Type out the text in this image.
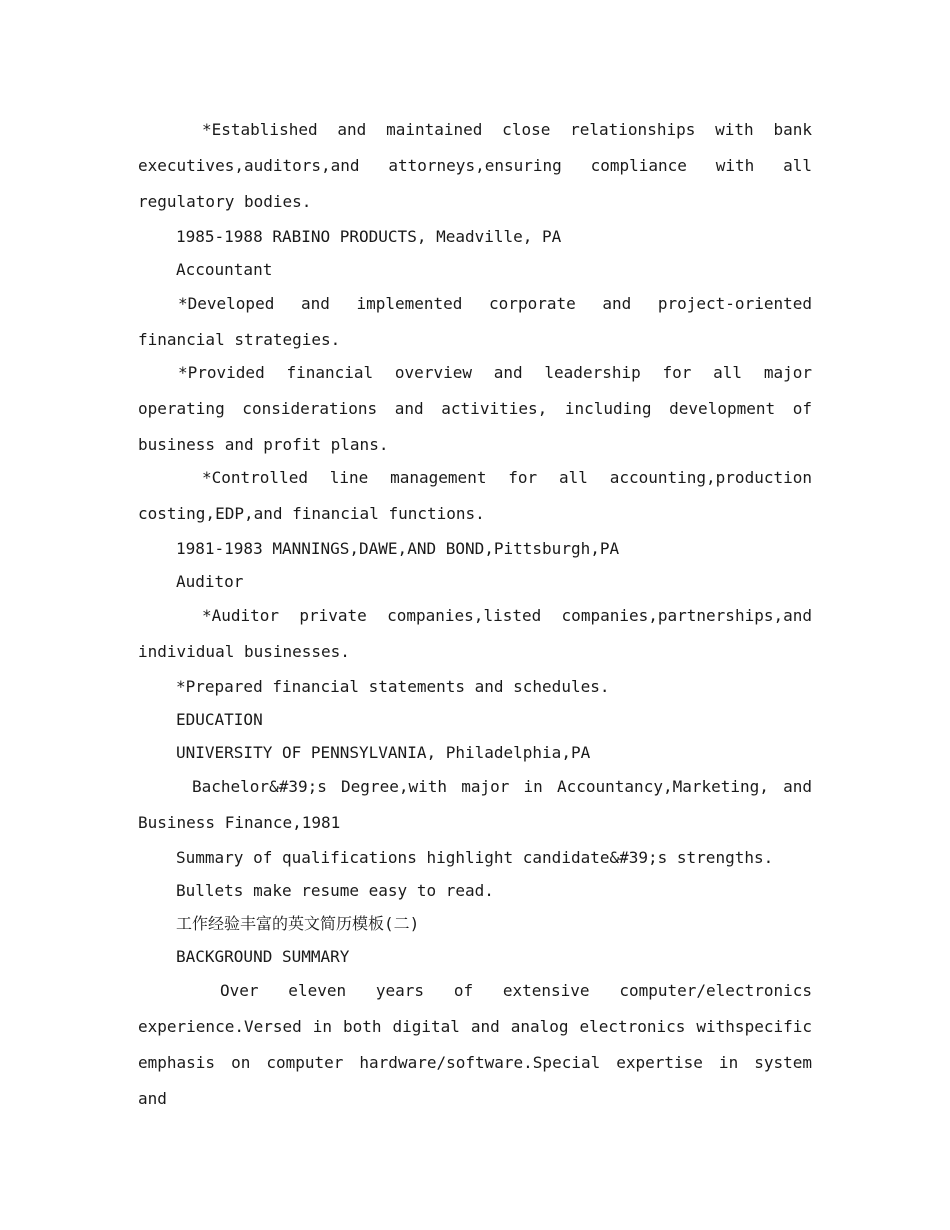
*Established and maintained close relationships with bank executives,auditors,and attorneys,ensuring compliance with all regulatory bodies.

1985-1988 RABINO PRODUCTS, Meadville, PA

Accountant

*Developed and implemented corporate and project-oriented financial strategies.

*Provided financial overview and leadership for all major operating considerations and activities, including development of business and profit plans.

*Controlled line management for all accounting,production costing,EDP,and financial functions.

1981-1983 MANNINGS,DAWE,AND BOND,Pittsburgh,PA

Auditor

*Auditor private companies,listed companies,partnerships,and individual businesses.

*Prepared financial statements and schedules.

EDUCATION

UNIVERSITY OF PENNSYLVANIA, Philadelphia,PA

Bachelor&#39;s Degree,with major in Accountancy,Marketing, and Business Finance,1981

Summary of qualifications highlight candidate&#39;s strengths.

Bullets make resume easy to read.

工作经验丰富的英文简历模板(二)

BACKGROUND SUMMARY

Over eleven years of extensive computer/electronics experience.Versed in both digital and analog electronics withspecific emphasis on computer hardware/software.Special expertise in system and
